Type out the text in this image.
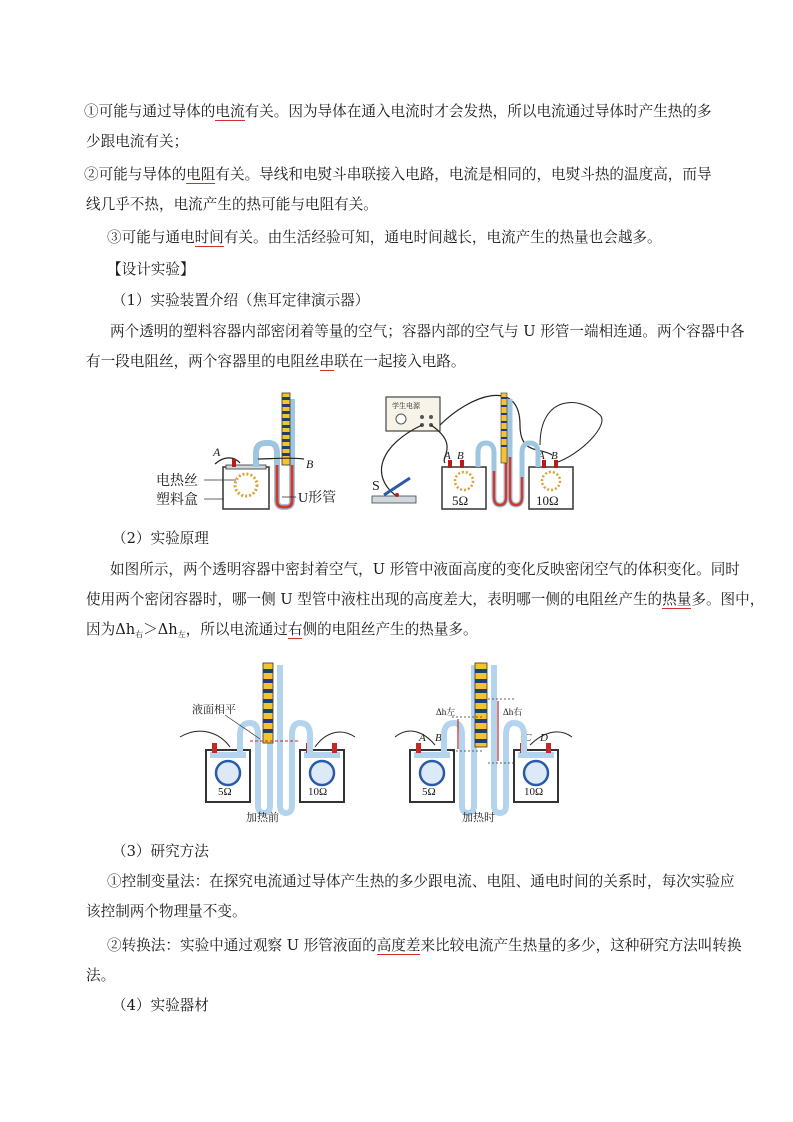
①可能与通过导体的电流有关。因为导体在通入电流时才会发热，所以电流通过导体时产生热的多
少跟电流有关；
②可能与导体的电阻有关。导线和电熨斗串联接入电路，电流是相同的，电熨斗热的温度高，而导
线几乎不热，电流产生的热可能与电阻有关。
③可能与通电时间有关。由生活经验可知，通电时间越长，电流产生的热量也会越多。
【设计实验】
（1）实验装置介绍（焦耳定律演示器）
两个透明的塑料容器内部密闭着等量的空气；容器内部的空气与 U 形管一端相连通。两个容器中各
有一段电阻丝，两个容器里的电阻丝串联在一起接入电路。
A
B
电热丝
塑料盒	U形管
学生电源
S
A B
5Ω
A B
10Ω
（2）实验原理
如图所示，两个透明容器中密封着空气，U 形管中液面高度的变化反映密闭空气的体积变化。同时
使用两个密闭容器时，哪一侧 U 型管中液柱出现的高度差大，表明哪一侧的电阻丝产生的热量多。图中，
因为$\Delta h_右>\Delta h_左$，所以电流通过右侧的电阻丝产生的热量多。
5Ω	10Ω
液面相平
加热前
5Ω	10Ω
A B	C D
Δh左	Δh右
加热时
（3）研究方法
①控制变量法：在探究电流通过导体产生热的多少跟电流、电阻、通电时间的关系时，每次实验应
该控制两个物理量不变。
②转换法：实验中通过观察 U 形管液面的高度差来比较电流产生热量的多少，这种研究方法叫转换
法。
（4）实验器材
